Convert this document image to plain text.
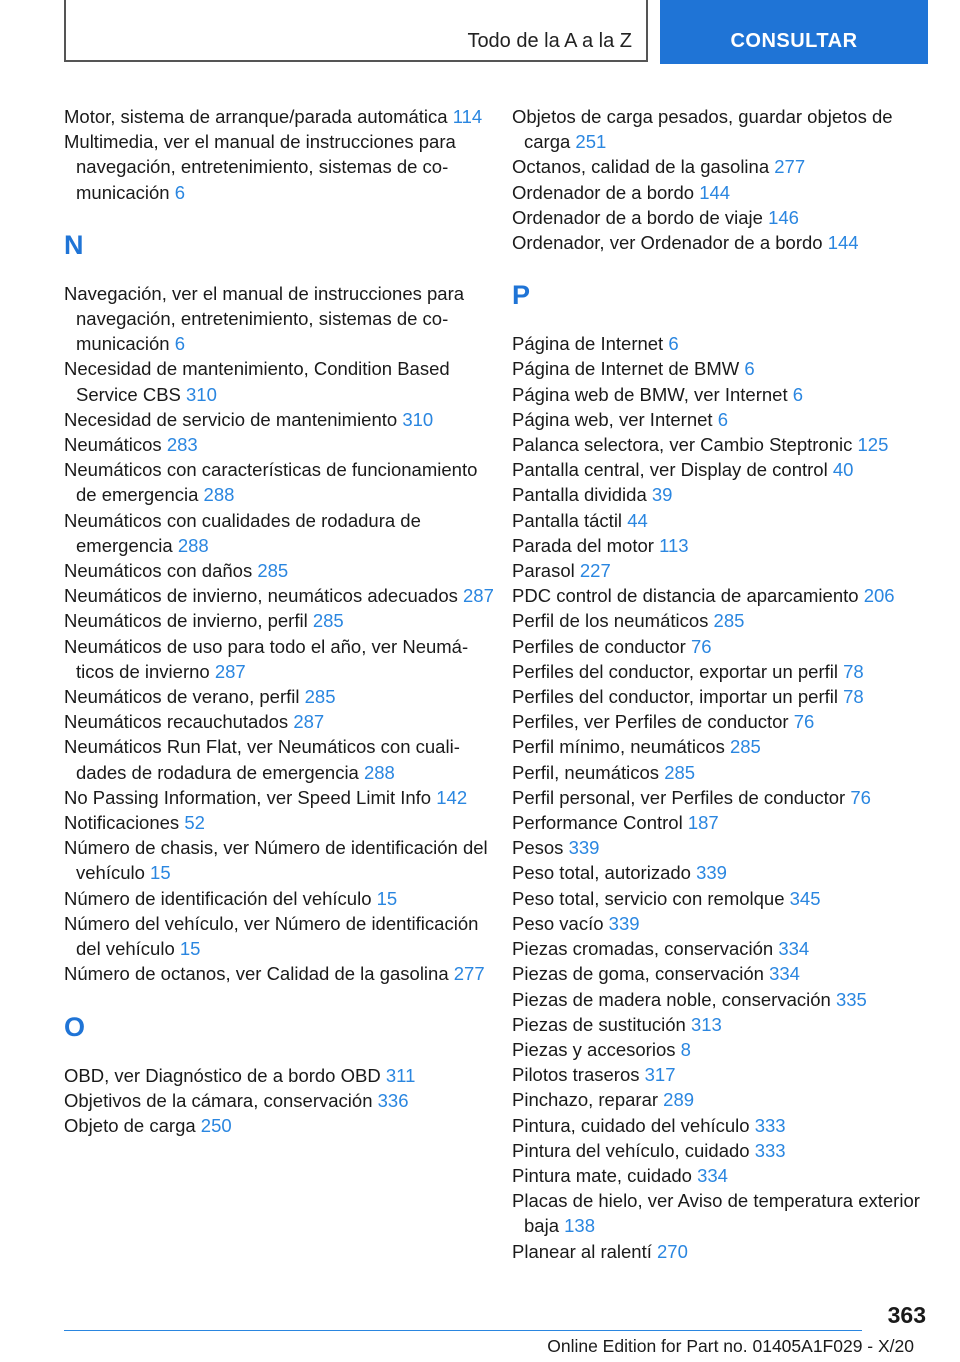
Todo de la A a la Z	CONSULTAR
Motor, sistema de arranque/parada automática 114
Multimedia, ver el manual de instrucciones para navegación, entretenimiento, sistemas de comunicación 6
N
Navegación, ver el manual de instrucciones para navegación, entretenimiento, sistemas de comunicación 6
Necesidad de mantenimiento, Condition Based Service CBS 310
Necesidad de servicio de mantenimiento 310
Neumáticos 283
Neumáticos con características de funcionamiento de emergencia 288
Neumáticos con cualidades de rodadura de emergencia 288
Neumáticos con daños 285
Neumáticos de invierno, neumáticos adecuados 287
Neumáticos de invierno, perfil 285
Neumáticos de uso para todo el año, ver Neumáticos de invierno 287
Neumáticos de verano, perfil 285
Neumáticos recauchutados 287
Neumáticos Run Flat, ver Neumáticos con cualidades de rodadura de emergencia 288
No Passing Information, ver Speed Limit Info 142
Notificaciones 52
Número de chasis, ver Número de identificación del vehículo 15
Número de identificación del vehículo 15
Número del vehículo, ver Número de identificación del vehículo 15
Número de octanos, ver Calidad de la gasolina 277
O
OBD, ver Diagnóstico de a bordo OBD 311
Objetivos de la cámara, conservación 336
Objeto de carga 250
Objetos de carga pesados, guardar objetos de carga 251
Octanos, calidad de la gasolina 277
Ordenador de a bordo 144
Ordenador de a bordo de viaje 146
Ordenador, ver Ordenador de a bordo 144
P
Página de Internet 6
Página de Internet de BMW 6
Página web de BMW, ver Internet 6
Página web, ver Internet 6
Palanca selectora, ver Cambio Steptronic 125
Pantalla central, ver Display de control 40
Pantalla dividida 39
Pantalla táctil 44
Parada del motor 113
Parasol 227
PDC control de distancia de aparcamiento 206
Perfil de los neumáticos 285
Perfiles de conductor 76
Perfiles del conductor, exportar un perfil 78
Perfiles del conductor, importar un perfil 78
Perfiles, ver Perfiles de conductor 76
Perfil mínimo, neumáticos 285
Perfil, neumáticos 285
Perfil personal, ver Perfiles de conductor 76
Performance Control 187
Pesos 339
Peso total, autorizado 339
Peso total, servicio con remolque 345
Peso vacío 339
Piezas cromadas, conservación 334
Piezas de goma, conservación 334
Piezas de madera noble, conservación 335
Piezas de sustitución 313
Piezas y accesorios 8
Pilotos traseros 317
Pinchazo, reparar 289
Pintura, cuidado del vehículo 333
Pintura del vehículo, cuidado 333
Pintura mate, cuidado 334
Placas de hielo, ver Aviso de temperatura exterior baja 138
Planear al ralentí 270
363
Online Edition for Part no. 01405A1F029 - X/20
